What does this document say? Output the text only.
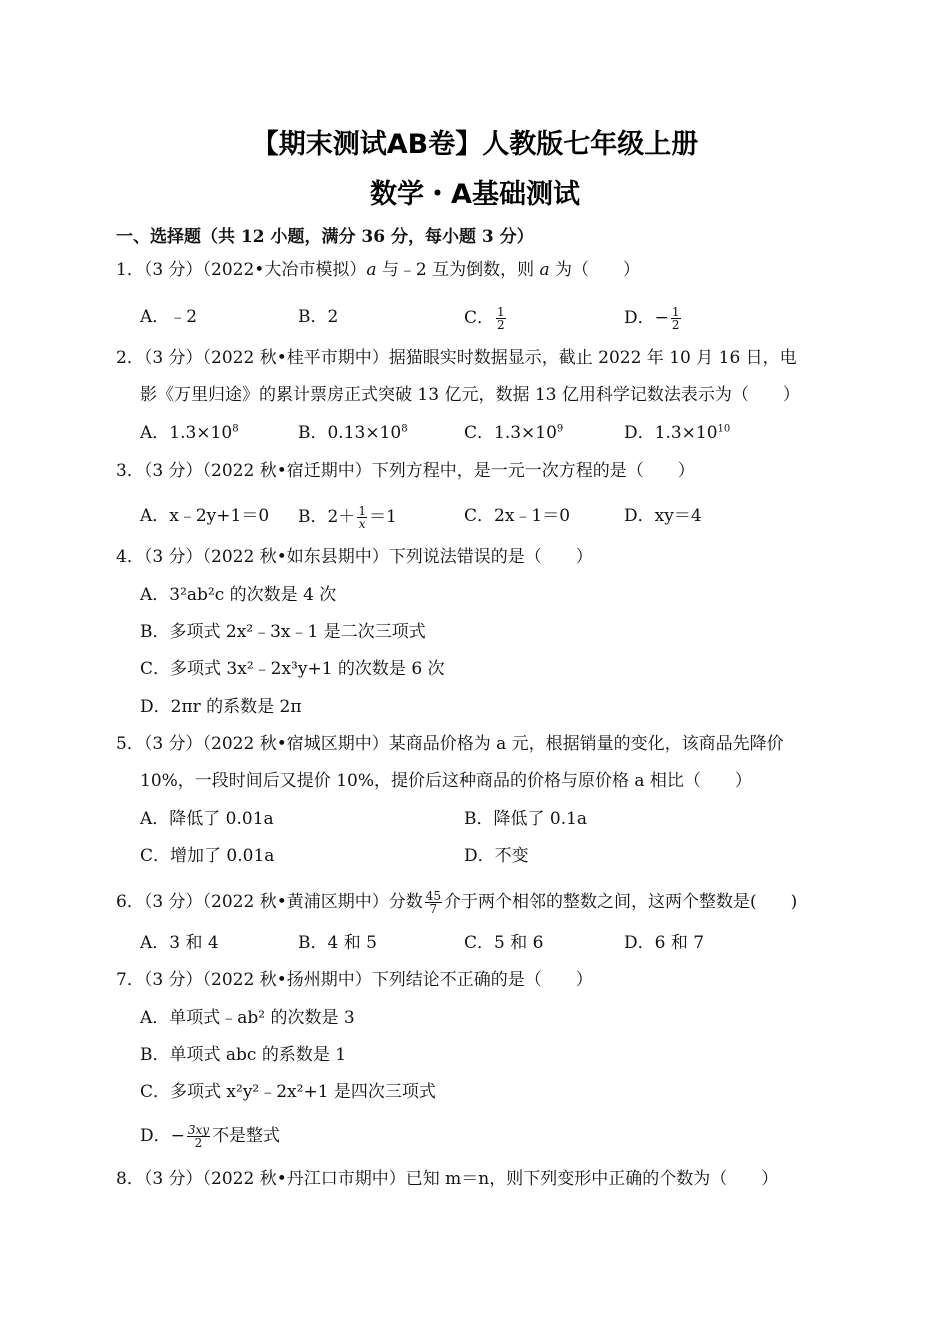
【期末测试AB卷】人教版七年级上册
数学・A基础测试
一、选择题（共 12 小题，满分 36 分，每小题 3 分）
1．（3 分）（2022•大冶市模拟）a 与﹣2 互为倒数，则 a 为（　　）
A．﹣2	B．2	C． $\frac{1}{2}$	D．− $\frac{1}{2}$
2．（3 分）（2022 秋•桂平市期中）据猫眼实时数据显示，截止 2022 年 10 月 16 日，电
影《万里归途》的累计票房正式突破 13 亿元，数据 13 亿用科学记数法表示为（　　）
A．$1.3\times 10^8$	B．$0.13\times 10^8$	C．$1.3\times 10^9$	D．$1.3\times 10^{10}$
3．（3 分）（2022 秋•宿迁期中）下列方程中，是一元一次方程的是（　　）
A．x﹣2y+1＝0 B．$2+ \frac{1}{x} =1$	C．2x﹣1＝0	D．xy＝4
4．（3 分）（2022 秋•如东县期中）下列说法错误的是（　　）
A．3²ab²c 的次数是 4 次
B．多项式 2x²﹣3x﹣1 是二次三项式
C．多项式 3x²﹣2x³y+1 的次数是 6 次
D．2πr 的系数是 2π
5．（3 分）（2022 秋•宿城区期中）某商品价格为 a 元，根据销量的变化，该商品先降价
10%，一段时间后又提价 10%，提价后这种商品的价格与原价格 a 相比（　　）
A．降低了 0.01a	B．降低了 0.1a
C．增加了 0.01a	D．不变
6．（3 分）（2022 秋•黄浦区期中）分数 $\frac{45}{7}$ 介于两个相邻的整数之间，这两个整数是(　　)
A．3 和 4	B．4 和 5	C．5 和 6	D．6 和 7
7．（3 分）（2022 秋•扬州期中）下列结论不正确的是（　　）
A．单项式﹣ab² 的次数是 3
B．单项式 abc 的系数是 1
C．多项式 x²y²﹣2x²+1 是四次三项式
D．− $\frac{3xy}{2}$ 不是整式
8．（3 分）（2022 秋•丹江口市期中）已知 m＝n，则下列变形中正确的个数为（　　）
